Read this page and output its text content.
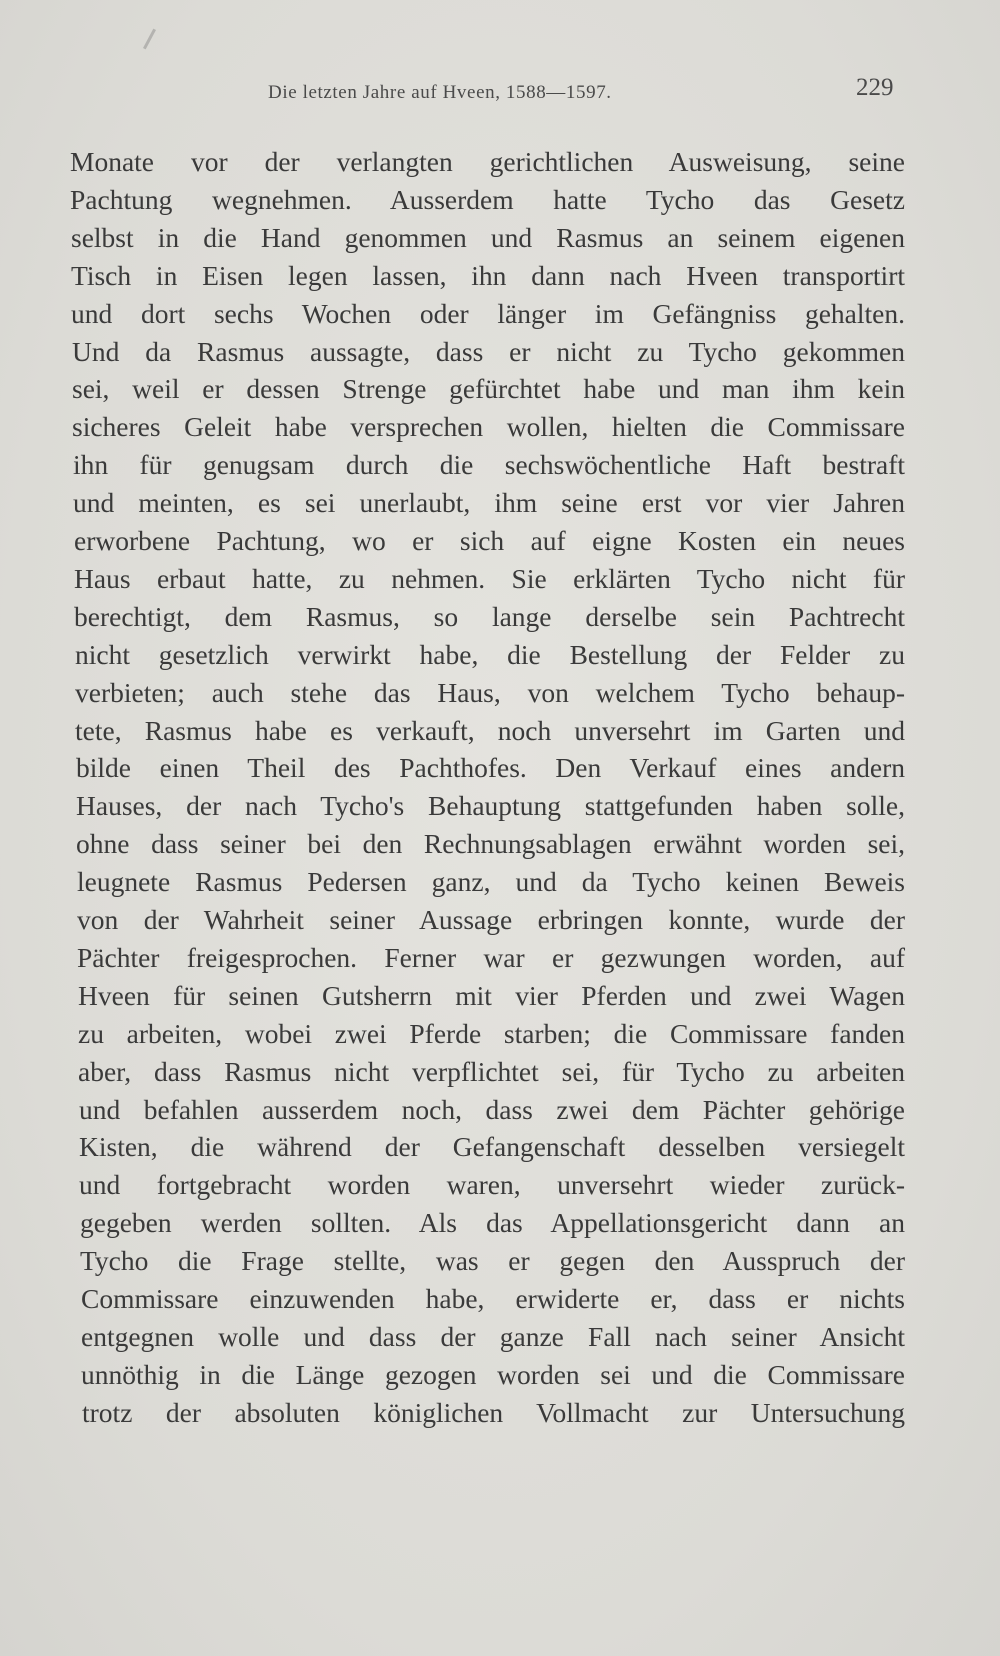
Die letzten Jahre auf Hveen, 1588—1597.	229
Monate vor der verlangten gerichtlichen Ausweisung, seine
Pachtung wegnehmen. Ausserdem hatte Tycho das Gesetz
selbst in die Hand genommen und Rasmus an seinem eigenen
Tisch in Eisen legen lassen, ihn dann nach Hveen transportirt
und dort sechs Wochen oder länger im Gefängniss gehalten.
Und da Rasmus aussagte, dass er nicht zu Tycho gekommen
sei, weil er dessen Strenge gefürchtet habe und man ihm kein
sicheres Geleit habe versprechen wollen, hielten die Commissare
ihn für genugsam durch die sechswöchentliche Haft bestraft
und meinten, es sei unerlaubt, ihm seine erst vor vier Jahren
erworbene Pachtung, wo er sich auf eigne Kosten ein neues
Haus erbaut hatte, zu nehmen. Sie erklärten Tycho nicht für
berechtigt, dem Rasmus, so lange derselbe sein Pachtrecht
nicht gesetzlich verwirkt habe, die Bestellung der Felder zu
verbieten; auch stehe das Haus, von welchem Tycho behaup-
tete, Rasmus habe es verkauft, noch unversehrt im Garten und
bilde einen Theil des Pachthofes. Den Verkauf eines andern
Hauses, der nach Tycho's Behauptung stattgefunden haben solle,
ohne dass seiner bei den Rechnungsablagen erwähnt worden sei,
leugnete Rasmus Pedersen ganz, und da Tycho keinen Beweis
von der Wahrheit seiner Aussage erbringen konnte, wurde der
Pächter freigesprochen. Ferner war er gezwungen worden, auf
Hveen für seinen Gutsherrn mit vier Pferden und zwei Wagen
zu arbeiten, wobei zwei Pferde starben; die Commissare fanden
aber, dass Rasmus nicht verpflichtet sei, für Tycho zu arbeiten
und befahlen ausserdem noch, dass zwei dem Pächter gehörige
Kisten, die während der Gefangenschaft desselben versiegelt
und fortgebracht worden waren, unversehrt wieder zurück-
gegeben werden sollten. Als das Appellationsgericht dann an
Tycho die Frage stellte, was er gegen den Ausspruch der
Commissare einzuwenden habe, erwiderte er, dass er nichts
entgegnen wolle und dass der ganze Fall nach seiner Ansicht
unnöthig in die Länge gezogen worden sei und die Commissare
trotz der absoluten königlichen Vollmacht zur Untersuchung
